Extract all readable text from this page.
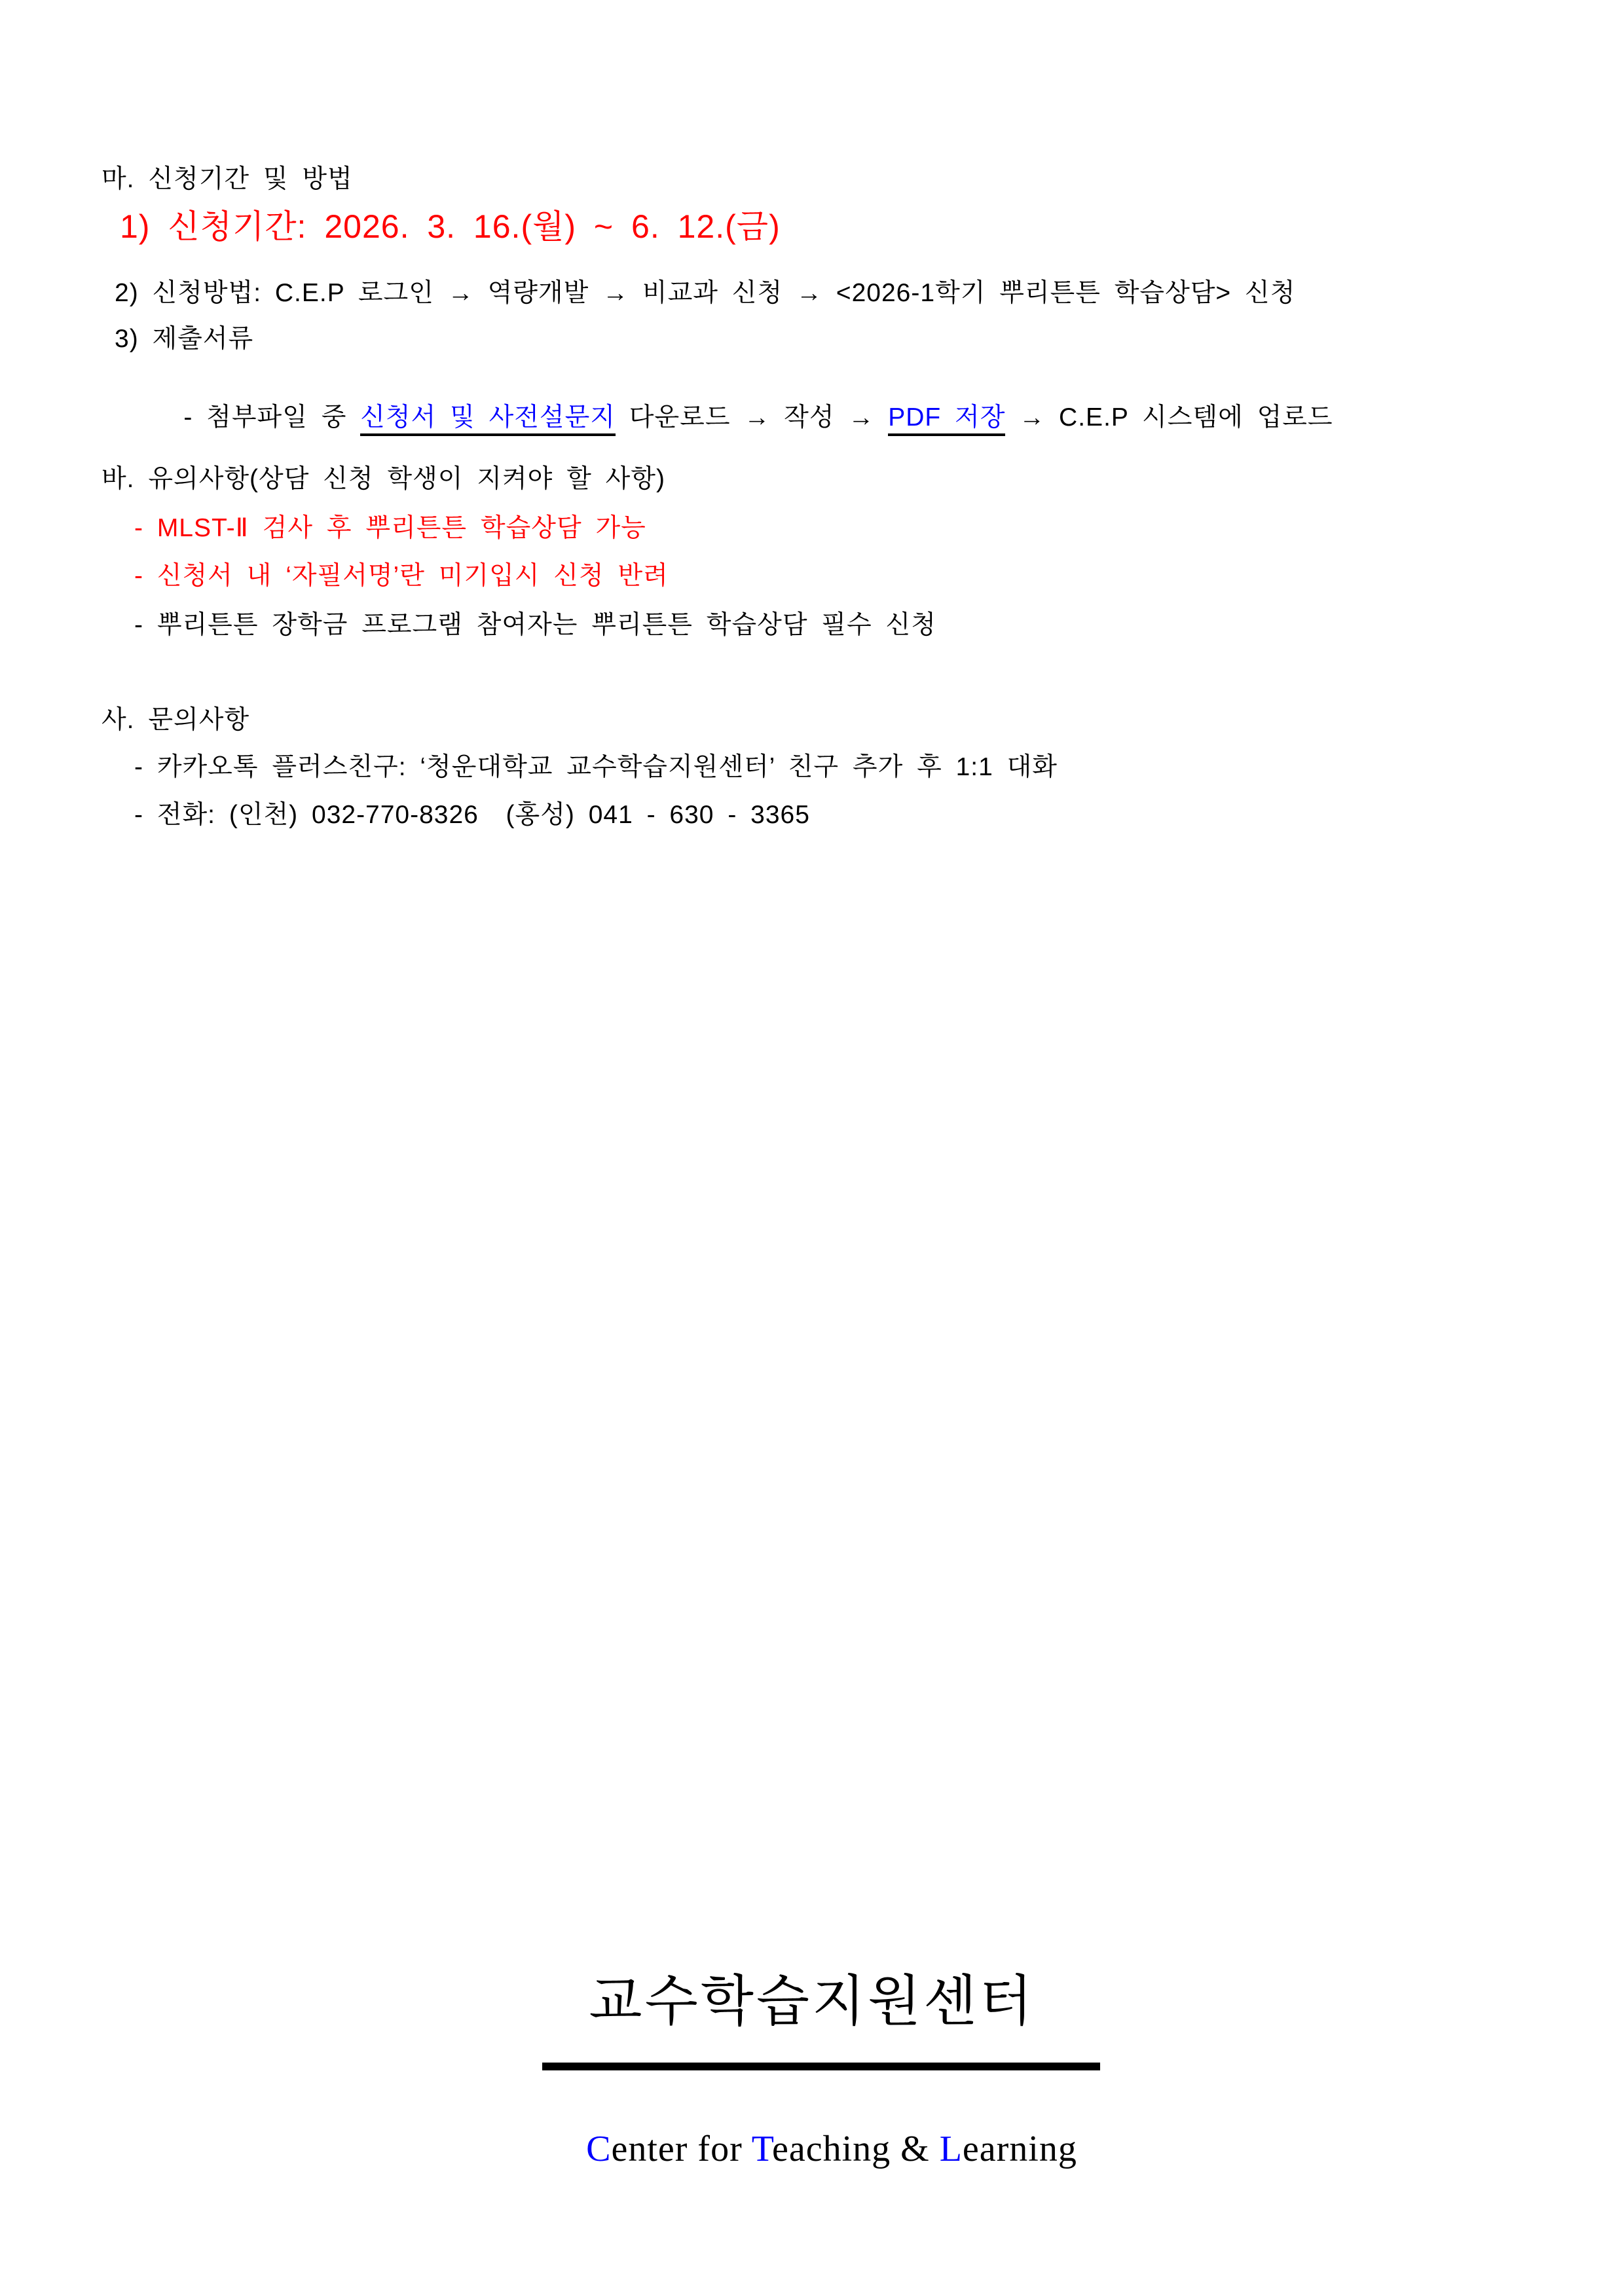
마. 신청기간 및 방법
1) 신청기간: 2026. 3. 16.(월) ~ 6. 12.(금)
2) 신청방법: C.E.P 로그인 → 역량개발 → 비교과 신청 → <2026-1학기 뿌리튼튼 학습상담> 신청
3) 제출서류

- 첨부파일 중 신청서 및 사전설문지 다운로드 → 작성 → PDF 저장 → C.E.P 시스템에 업로드

바. 유의사항(상담 신청 학생이 지켜야 할 사항)
- MLST-Ⅱ 검사 후 뿌리튼튼 학습상담 가능
- 신청서 내 ‘자필서명’란 미기입시 신청 반려
- 뿌리튼튼 장학금 프로그램 참여자는 뿌리튼튼 학습상담 필수 신청
사. 문의사항
- 카카오톡 플러스친구: ‘청운대학교 교수학습지원센터’ 친구 추가 후 1:1 대화
- 전화: (인천) 032-770-8326  (홍성) 041 - 630 - 3365
교수학습지원센터

Center for Teaching & Learning
